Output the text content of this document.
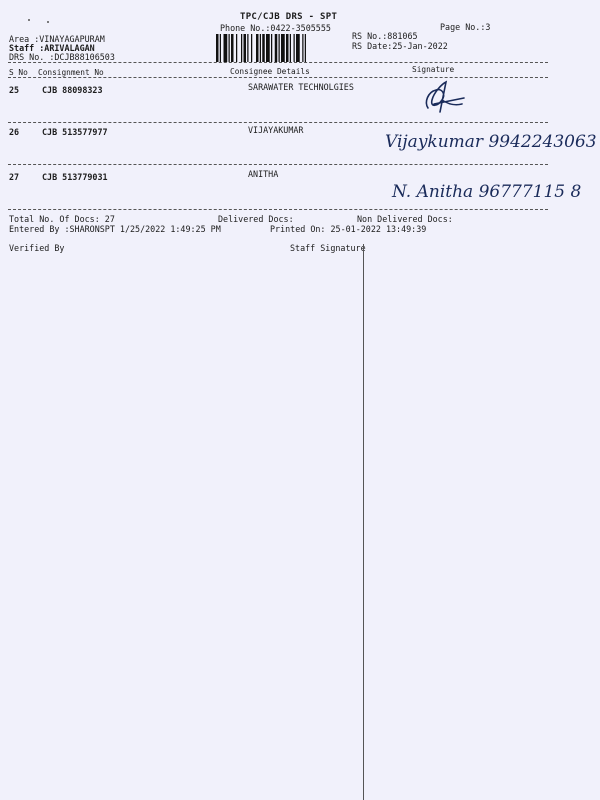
TPC/CJB DRS - SPT
Phone No.:0422-3505555	Page No.:3
RS No.:881065
RS Date:25-Jan-2022
Area :VINAYAGAPURAM
Staff :ARIVALAGAN
DRS No. :DCJB88106503
S No Consignment No	Consignee Details	Signature
25	CJB 88098323	SARAWATER TECHNOLGIES
26	CJB 513577977	VIJAYAKUMAR
Vijaykumar 9942243063
27	CJB 513779031	ANITHA
N. Anitha 96777115 8
Total No. Of Docs: 27	Delivered Docs:	Non Delivered Docs:
Entered By :SHARONSPT 1/25/2022 1:49:25 PM	Printed On: 25-01-2022 13:49:39
Verified By	Staff Signature
